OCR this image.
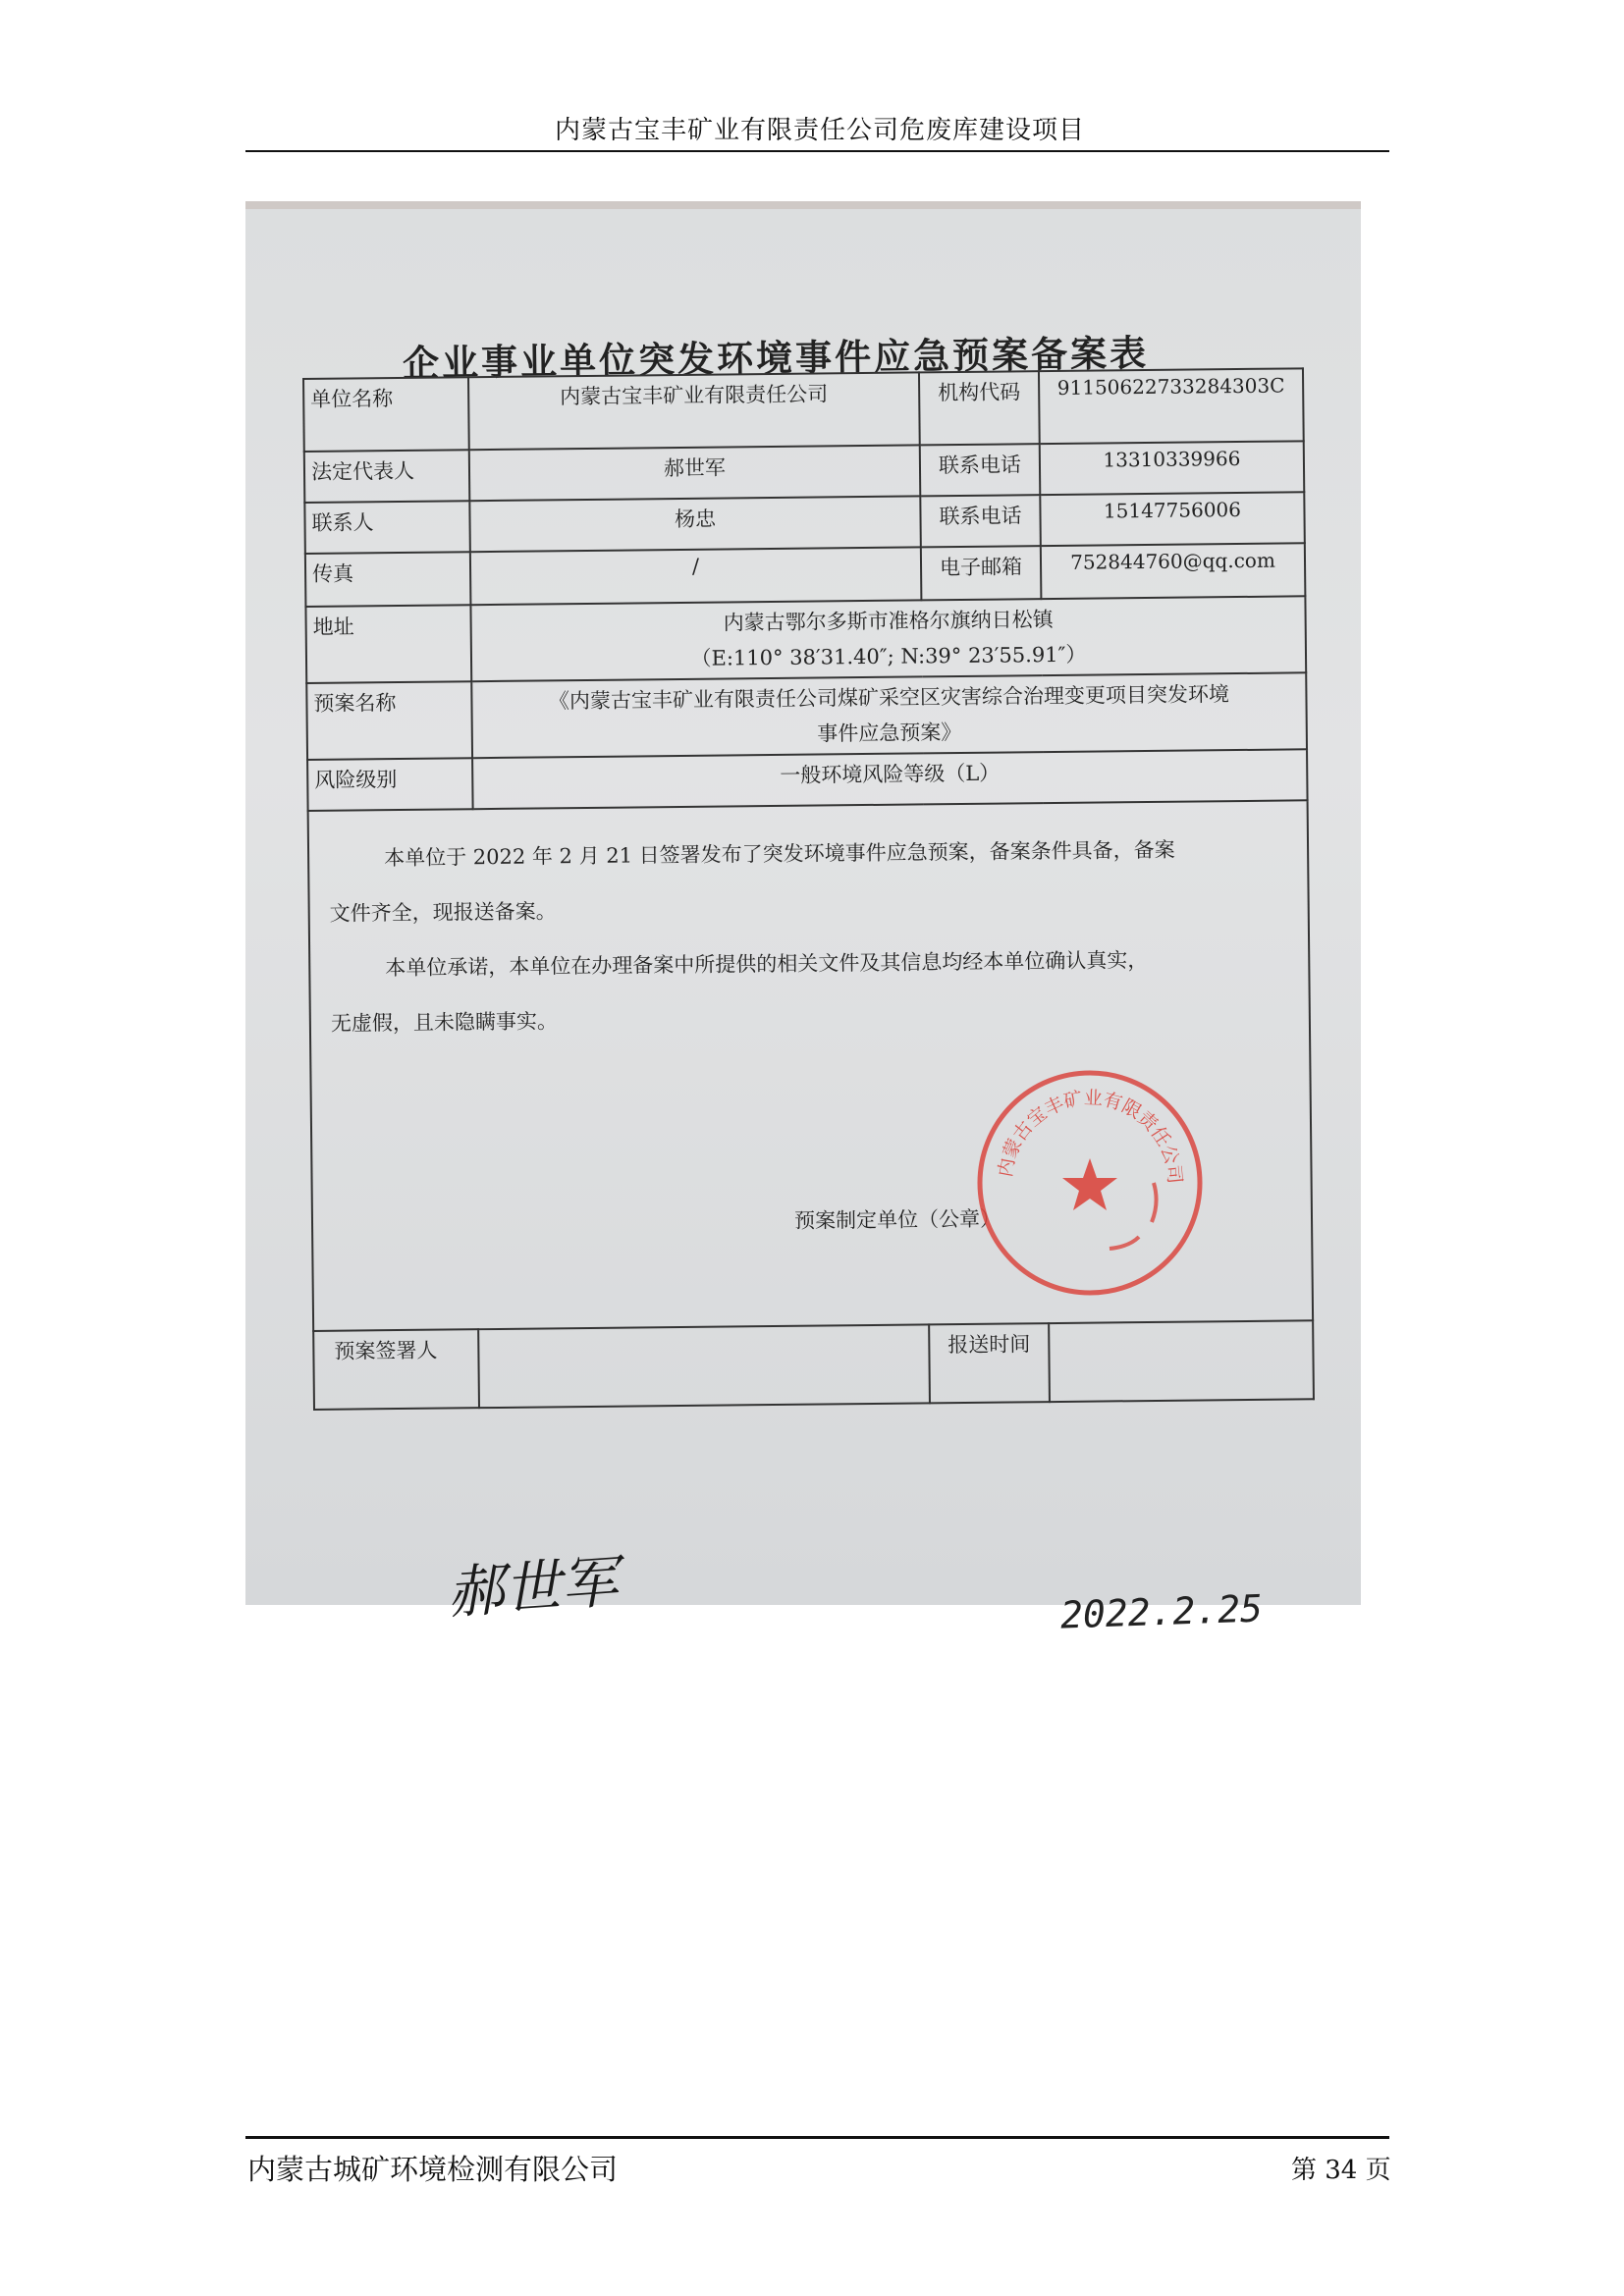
内蒙古宝丰矿业有限责任公司危废库建设项目
企业事业单位突发环境事件应急预案备案表
单位名称	内蒙古宝丰矿业有限责任公司	机构代码	91150622733284303C
法定代表人	郝世军	联系电话	13310339966
联系人	杨忠	联系电话	15147756006
传真	/	电子邮箱	752844760@qq.com
地址	内蒙古鄂尔多斯市准格尔旗纳日松镇
（E:110° 38′31.40″; N:39° 23′55.91″）		

预案名称	《内蒙古宝丰矿业有限责任公司煤矿采空区灾害综合治理变更项目突发环境
事件应急预案》		

风险级别	一般环境风险等级（L）		

本单位于 2022 年 2 月 21 日签署发布了突发环境事件应急预案，备案条件具备，备案

文件齐全，现报送备案。

本单位承诺，本单位在办理备案中所提供的相关文件及其信息均经本单位确认真实，

无虚假，且未隐瞒事实。

预案制定单位（公章）			

预案签署人		报送时间	
内蒙古宝丰矿业有限责任公司
郝世军	2022.2.25
内蒙古城矿环境检测有限公司	第 34 页
